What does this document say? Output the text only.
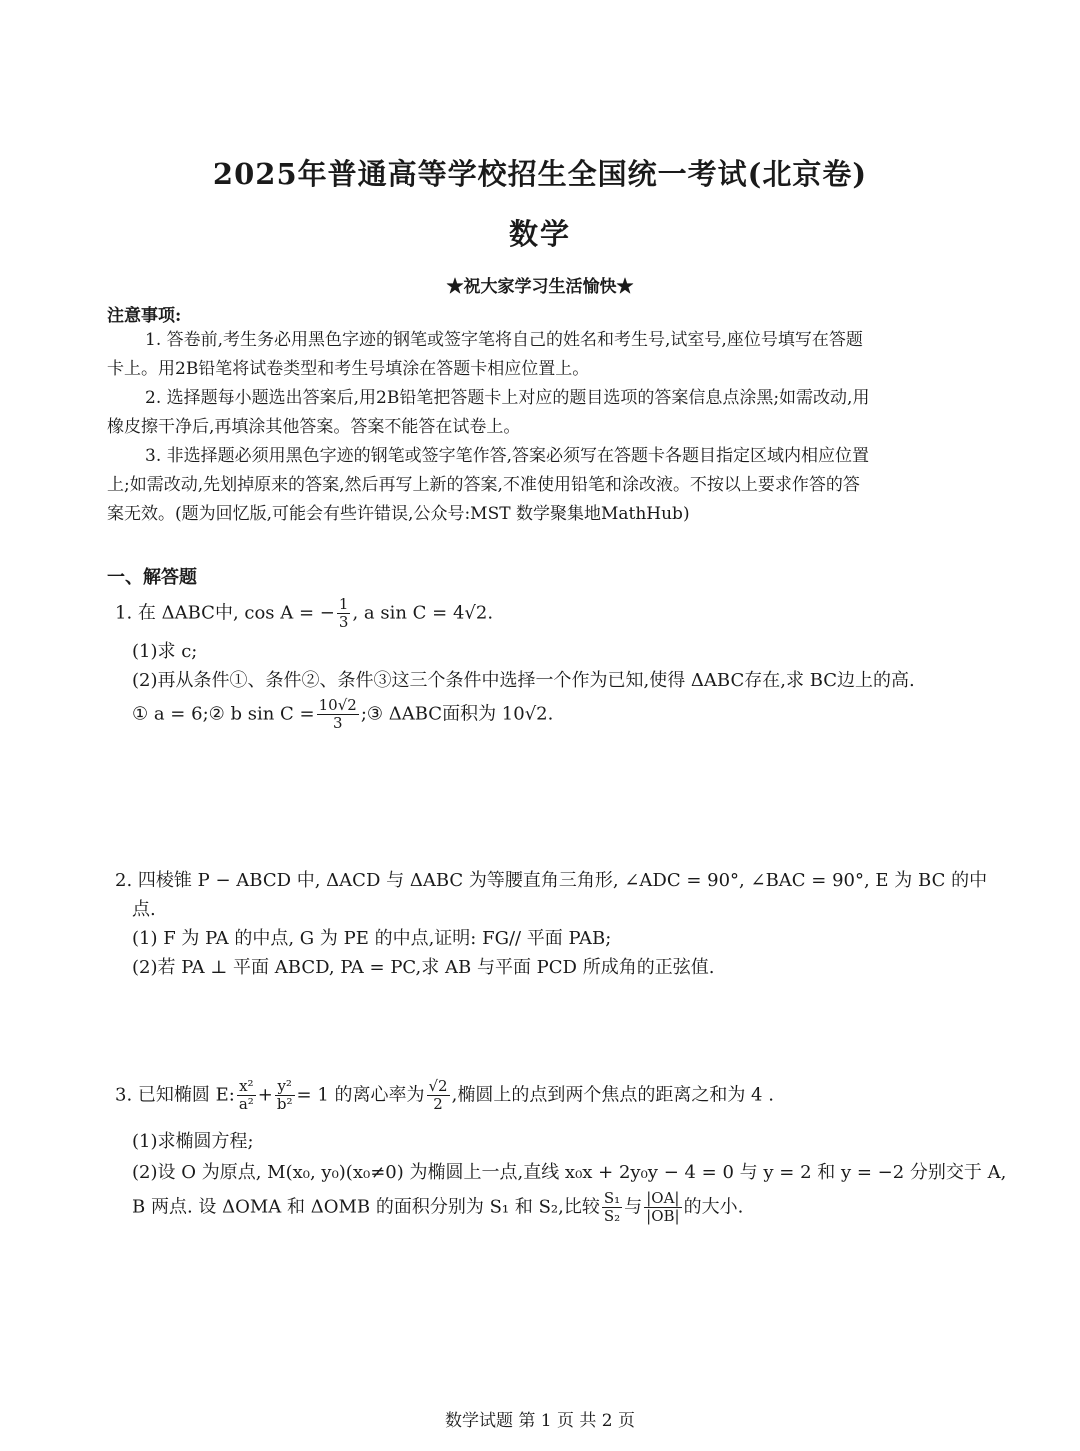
2025年普通高等学校招生全国统一考试(北京卷)
数学
★祝大家学习生活愉快★
注意事项:
1. 答卷前,考生务必用黑色字迹的钢笔或签字笔将自己的姓名和考生号,试室号,座位号填写在答题
卡上。用2B铅笔将试卷类型和考生号填涂在答题卡相应位置上。
2. 选择题每小题选出答案后,用2B铅笔把答题卡上对应的题目选项的答案信息点涂黑;如需改动,用
橡皮擦干净后,再填涂其他答案。答案不能答在试卷上。
3. 非选择题必须用黑色字迹的钢笔或签字笔作答,答案必须写在答题卡各题目指定区域内相应位置
上;如需改动,先划掉原来的答案,然后再写上新的答案,不准使用铅笔和涂改液。不按以上要求作答的答
案无效。(题为回忆版,可能会有些许错误,公众号:MST 数学聚集地MathHub)
一、解答题
1. 在 ΔABC中, cos A = − $\frac{1}{3}$ , a sin C = 4√2.
(1)求 c;
(2)再从条件①、条件②、条件③这三个条件中选择一个作为已知,使得 ΔABC存在,求 BC边上的高.
① a = 6;② b $\sin C = \frac{10√2}{3}$ ;③ ΔABC面积为 10√2.
2. 四棱锥 P − ABCD 中, ΔACD 与 ΔABC 为等腰直角三角形, ∠ADC = 90°, ∠BAC = 90°, E 为 BC 的中
点.
(1) F 为 PA 的中点, G 为 PE 的中点,证明: FG// 平面 PAB;
(2)若 PA ⊥ 平面 ABCD, PA = PC,求 AB 与平面 PCD 所成角的正弦值.
3. 已知椭圆 E: $\frac{\text{x²}}{\text{a²}} + \frac{\text{y²}}{\text{b²}} = 1$ 的离心率为 $\frac{√2}{2}$ ,椭圆上的点到两个焦点的距离之和为 4 .
(1)求椭圆方程;
(2)设 O 为原点, M(x₀, y₀)(x₀≠0) 为椭圆上一点,直线 x₀x + 2y₀y − 4 = 0 与 y = 2 和 y = −2 分别交于 A,
B 两点. 设 ΔOMA 和 ΔOMB 的面积分别为 S₁ 和 S₂,比较 $\frac{\text{S₁}}{\text{S₂}}$ 与 $\frac{|OA|}{|OB|}$ 的大小.
数学试题 第 1 页 共 2 页
